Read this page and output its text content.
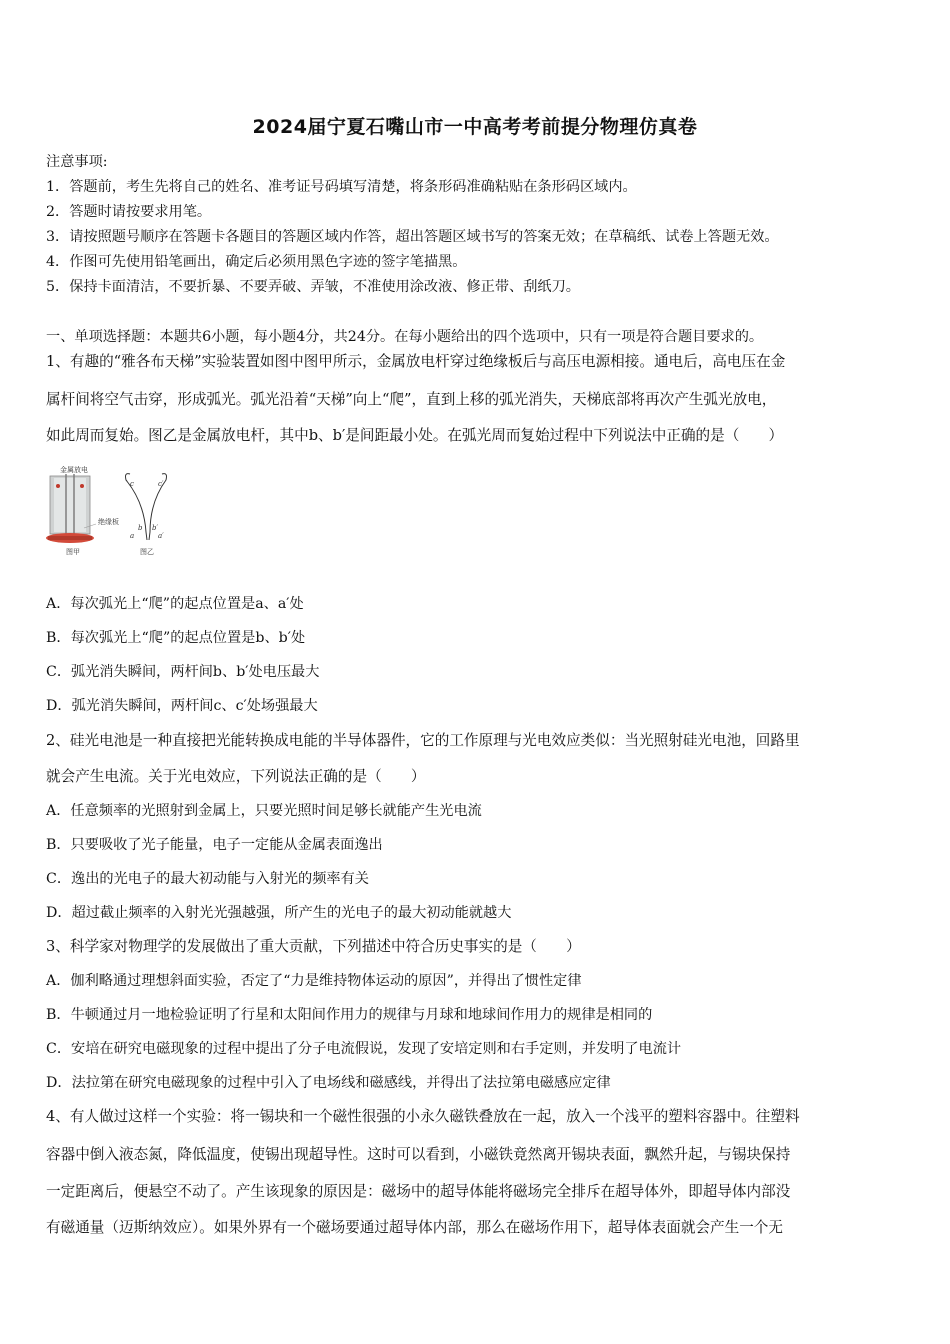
2024届宁夏石嘴山市一中高考考前提分物理仿真卷
注意事项:
1．答题前，考生先将自己的姓名、准考证号码填写清楚，将条形码准确粘贴在条形码区域内。
2．答题时请按要求用笔。
3．请按照题号顺序在答题卡各题目的答题区域内作答，超出答题区域书写的答案无效；在草稿纸、试卷上答题无效。
4．作图可先使用铅笔画出，确定后必须用黑色字迹的签字笔描黑。
5．保持卡面清洁，不要折暴、不要弄破、弄皱，不准使用涂改液、修正带、刮纸刀。
一、单项选择题：本题共6小题，每小题4分，共24分。在每小题给出的四个选项中，只有一项是符合题目要求的。
1、有趣的“雅各布天梯”实验装置如图中图甲所示，金属放电杆穿过绝缘板后与高压电源相接。通电后，高电压在金
属杆间将空气击穿，形成弧光。弧光沿着“天梯”向上“爬”，直到上移的弧光消失，天梯底部将再次产生弧光放电，
如此周而复始。图乙是金属放电杆，其中b、b′是间距最小处。在弧光周而复始过程中下列说法中正确的是（　　）
金属放电
绝缘板
图甲	图乙
c	c′
b b′
a	a′
A．每次弧光上“爬”的起点位置是a、a′处
B．每次弧光上“爬”的起点位置是b、b′处
C．弧光消失瞬间，两杆间b、b′处电压最大
D．弧光消失瞬间，两杆间c、c′处场强最大
2、硅光电池是一种直接把光能转换成电能的半导体器件，它的工作原理与光电效应类似：当光照射硅光电池，回路里
就会产生电流。关于光电效应，下列说法正确的是（　　）
A．任意频率的光照射到金属上，只要光照时间足够长就能产生光电流
B．只要吸收了光子能量，电子一定能从金属表面逸出
C．逸出的光电子的最大初动能与入射光的频率有关
D．超过截止频率的入射光光强越强，所产生的光电子的最大初动能就越大
3、科学家对物理学的发展做出了重大贡献，下列描述中符合历史事实的是（　　）
A．伽利略通过理想斜面实验，否定了“力是维持物体运动的原因”，并得出了惯性定律
B．牛顿通过月一地检验证明了行星和太阳间作用力的规律与月球和地球间作用力的规律是相同的
C．安培在研究电磁现象的过程中提出了分子电流假说，发现了安培定则和右手定则，并发明了电流计
D．法拉第在研究电磁现象的过程中引入了电场线和磁感线，并得出了法拉第电磁感应定律
4、有人做过这样一个实验：将一锡块和一个磁性很强的小永久磁铁叠放在一起，放入一个浅平的塑料容器中。往塑料
容器中倒入液态氮，降低温度，使锡出现超导性。这时可以看到，小磁铁竟然离开锡块表面，飘然升起，与锡块保持
一定距离后，便悬空不动了。产生该现象的原因是：磁场中的超导体能将磁场完全排斥在超导体外，即超导体内部没
有磁通量（迈斯纳效应）。如果外界有一个磁场要通过超导体内部，那么在磁场作用下，超导体表面就会产生一个无
